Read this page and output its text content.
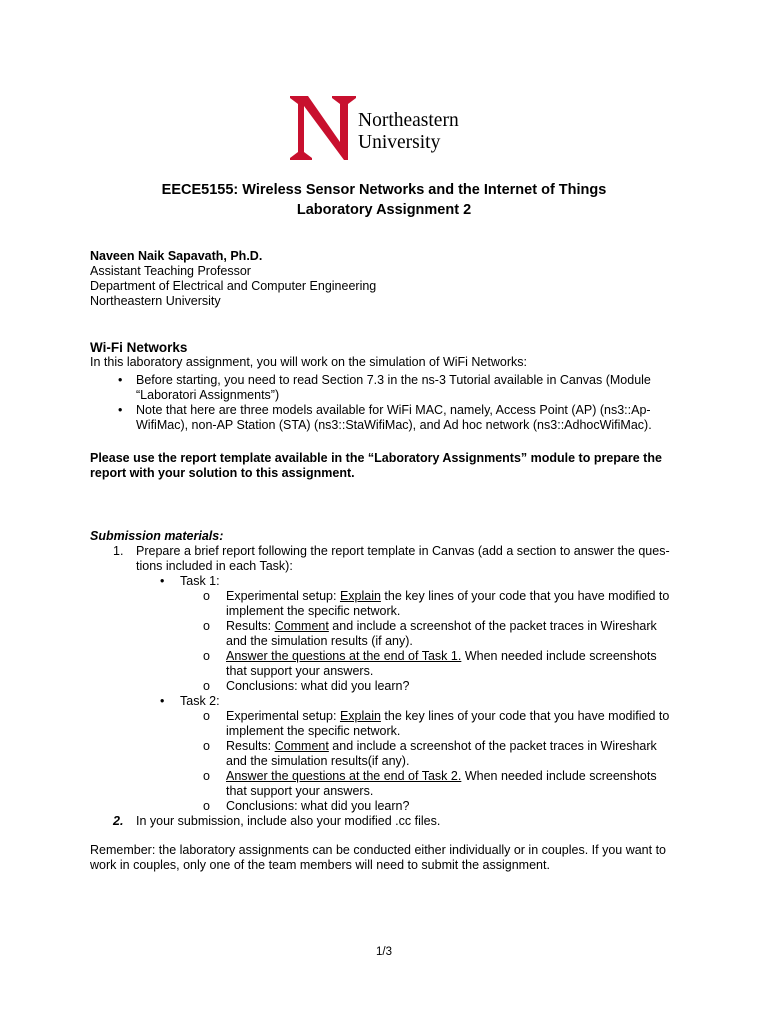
Northeastern
University
EECE5155: Wireless Sensor Networks and the Internet of Things
Laboratory Assignment 2
Naveen Naik Sapavath, Ph.D.
Assistant Teaching Professor
Department of Electrical and Computer Engineering
Northeastern University
Wi-Fi Networks
In this laboratory assignment, you will work on the simulation of WiFi Networks:
• Before starting, you need to read Section 7.3 in the ns-3 Tutorial available in Canvas (Module
“Laboratori Assignments”)
• Note that here are three models available for WiFi MAC, namely, Access Point (AP) (ns3::Ap-
WifiMac), non-AP Station (STA) (ns3::StaWifiMac), and Ad hoc network (ns3::AdhocWifiMac).
Please use the report template available in the “Laboratory Assignments” module to prepare the
report with your solution to this assignment.
Submission materials:
1. Prepare a brief report following the report template in Canvas (add a section to answer the ques-
tions included in each Task):
• Task 1:
o Experimental setup: Explain the key lines of your code that you have modified to
implement the specific network.
o Results: Comment and include a screenshot of the packet traces in Wireshark
and the simulation results (if any).
o Answer the questions at the end of Task 1. When needed include screenshots
that support your answers.
o Conclusions: what did you learn?
• Task 2:
o Experimental setup: Explain the key lines of your code that you have modified to
implement the specific network.
o Results: Comment and include a screenshot of the packet traces in Wireshark
and the simulation results(if any).
o Answer the questions at the end of Task 2. When needed include screenshots
that support your answers.
o Conclusions: what did you learn?
2. In your submission, include also your modified .cc files.
Remember: the laboratory assignments can be conducted either individually or in couples. If you want to
work in couples, only one of the team members will need to submit the assignment.
1/3
